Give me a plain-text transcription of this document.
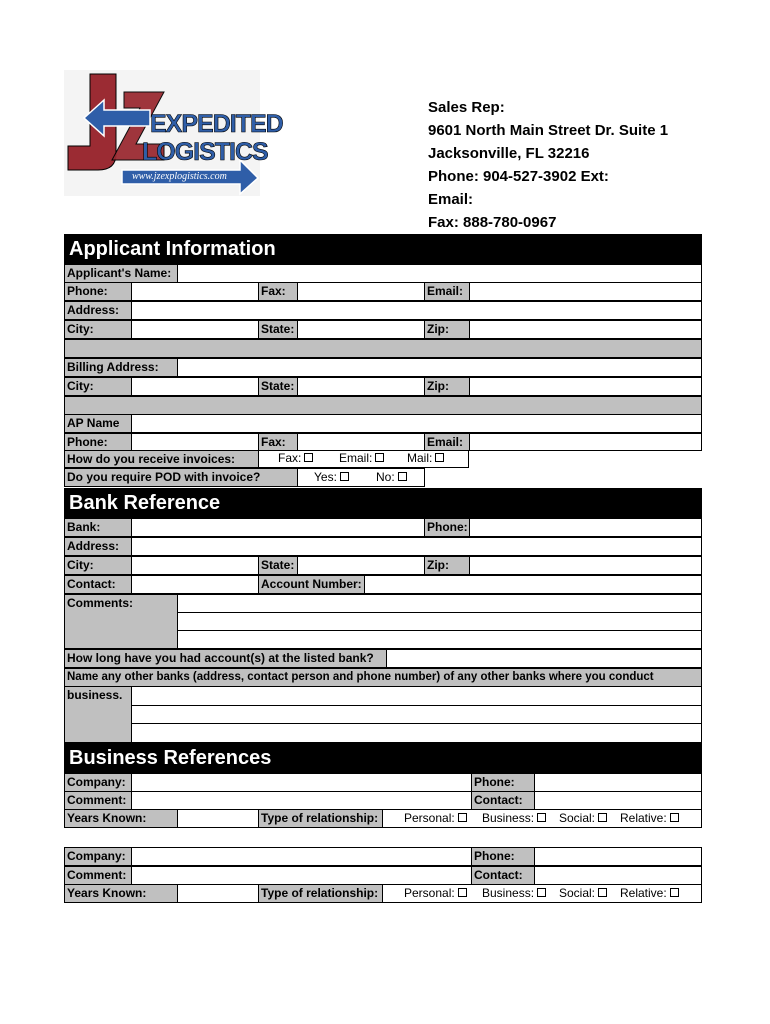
EXPEDITED
LOGISTICS
www.jzexplogistics.com
Sales Rep:
9601 North Main Street Dr. Suite 1
Jacksonville, FL 32216
Phone: 904-527-3902 Ext:
Email:
Fax: 888-780-0967
Applicant Information
Applicant's Name:
Phone:	Fax:	Email:
Address:
City:	State:	Zip:
Billing Address:
City:	State:	Zip:
AP Name
Phone:	Fax:	Email:
How do you receive invoices:	Fax:	Email:	Mail:
Do you require POD with invoice?	Yes:	No:
Bank Reference
Bank:	Phone:
Address:
City:	State:	Zip:
Contact:	Account Number:
Comments:
How long have you had account(s) at the listed bank?
Name any other banks (address, contact person and phone number) of any other banks where you conduct
business.
Business References
Company:	Phone:
Comment:	Contact:
Years Known:	Type of relationship:	Personal:	Business:	Social:	Relative:
Company:	Phone:
Comment:	Contact:
Years Known:	Type of relationship:	Personal:	Business:	Social:	Relative:
